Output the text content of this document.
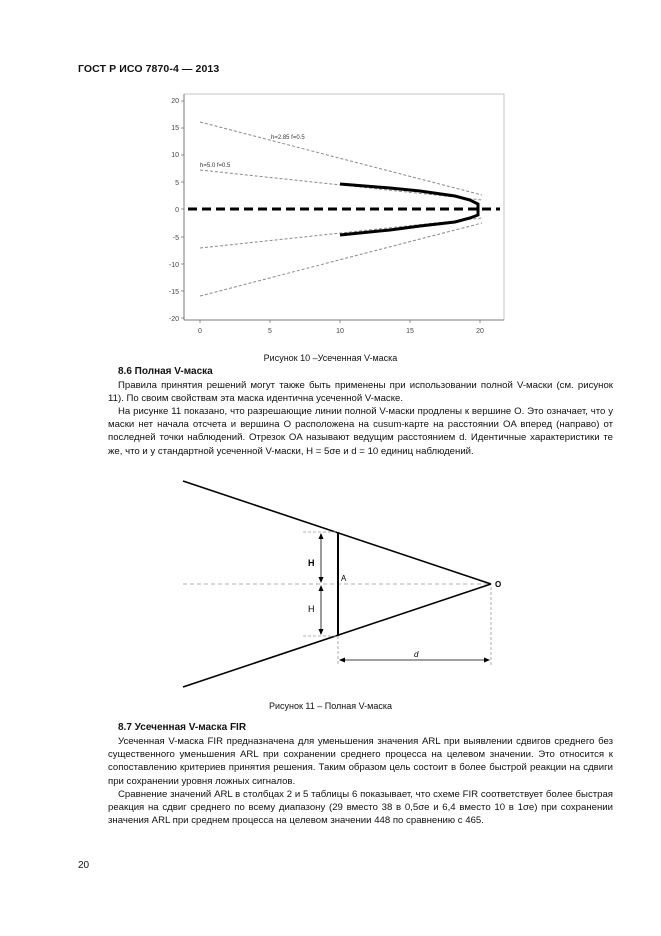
ГОСТ Р ИСО 7870-4 — 2013
20
15
10
5
0
-5
-10
-15
-20
0	5	10	15	20
h=2.85 f=0.5
h=5.0 f=0.5
Рисунок 10 –Усеченная V-маска
8.6 Полная V-маска

Правила принятия решений могут также быть применены при использовании полной V-маски (см. рисунок 11). По своим свойствам эта маска идентична усеченной V-маске.

На рисунке 11 показано, что разрешающие линии полной V-маски продлены к вершине O. Это означает, что у маски нет начала отсчета и вершина O расположена на cusum-карте на расстоянии OA вперед (направо) от последней точки наблюдений. Отрезок OA называют ведущим расстоянием d. Идентичные характеристики те же, что и у стандартной усеченной V-маски, H = 5σe и d = 10 единиц наблюдений.

H
H
A
O
d
Рисунок 11 – Полная V-маска
8.7 Усеченная V-маска FIR

Усеченная V-маска FIR предназначена для уменьшения значения ARL при выявлении сдвигов среднего без существенного уменьшения ARL при сохранении среднего процесса на целевом значении. Это относится к сопоставлению критериев принятия решения. Таким образом цель состоит в более быстрой реакции на сдвиги при сохранении уровня ложных сигналов.

Сравнение значений ARL в столбцах 2 и 5 таблицы 6 показывает, что схеме FIR соответствует более быстрая реакция на сдвиг среднего по всему диапазону (29 вместо 38 в 0,5σe и 6,4 вместо 10 в 1σe) при сохранении значения ARL при среднем процесса на целевом значении 448 по сравнению с 465.

20
